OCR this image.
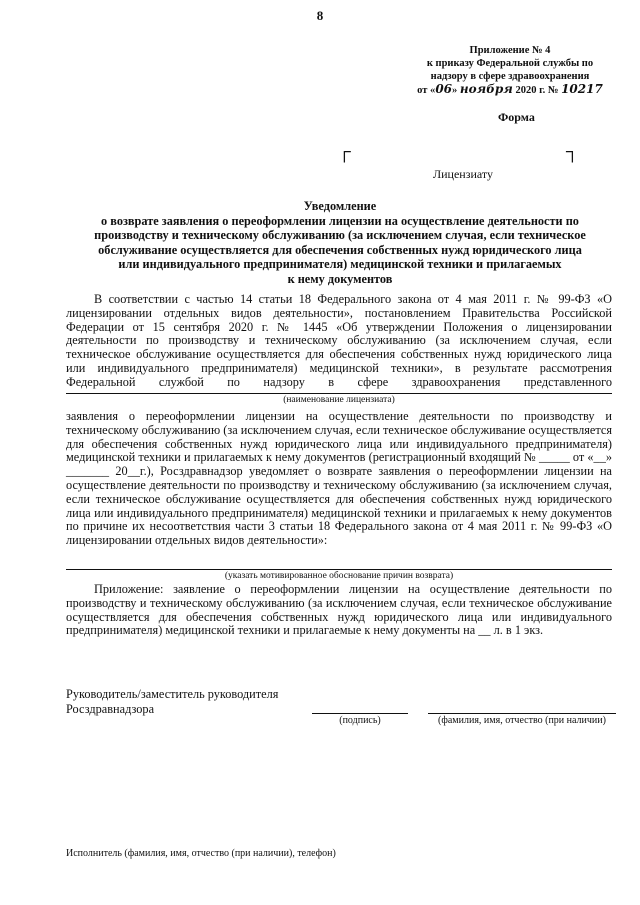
8
Приложение № 4
к приказу Федеральной службы по
надзору в сфере здравоохранения
от «06» ноября 2020 г. № 10217
Форма
┌	┐
Лицензиату
Уведомление
о возврате заявления о переоформлении лицензии на осуществление деятельности по
производству и техническому обслуживанию (за исключением случая, если техническое
обслуживание осуществляется для обеспечения собственных нужд юридического лица
или индивидуального предпринимателя) медицинской техники и прилагаемых
к нему документов

В соответствии с частью 14 статьи 18 Федерального закона от 4 мая 2011 г. № 99-ФЗ «О лицензировании отдельных видов деятельности», постановлением Правительства Российской Федерации от 15 сентября 2020 г. № 1445 «Об утверждении Положения о лицензировании деятельности по производству и техническому обслуживанию (за исключением случая, если техническое обслуживание осуществляется для обеспечения собственных нужд юридического лица или индивидуального предпринимателя) медицинской техники», в результате рассмотрения Федеральной службой по надзору в сфере здравоохранения представленного

(наименование лицензиата)

заявления о переоформлении лицензии на осуществление деятельности по производству и техническому обслуживанию (за исключением случая, если техническое обслуживание осуществляется для обеспечения собственных нужд юридического лица или индивидуального предпринимателя) медицинской техники и прилагаемых к нему документов (регистрационный входящий № _____ от «__» _______ 20__г.), Росздравнадзор уведомляет о возврате заявления о переоформлении лицензии на осуществление деятельности по производству и техническому обслуживанию (за исключением случая, если техническое обслуживание осуществляется для обеспечения собственных нужд юридического лица или индивидуального предпринимателя) медицинской техники и прилагаемых к нему документов по причине их несоответствия части 3 статьи 18 Федерального закона от 4 мая 2011 г. № 99-ФЗ «О лицензировании отдельных видов деятельности»:

(указать мотивированное обоснование причин возврата)

Приложение: заявление о переоформлении лицензии на осуществление деятельности по производству и техническому обслуживанию (за исключением случая, если техническое обслуживание осуществляется для обеспечения собственных нужд юридического лица или индивидуального предпринимателя) медицинской техники и прилагаемые к нему документы на __ л. в 1 экз.

Руководитель/заместитель руководителя
Росздравнадзора
(подпись)	(фамилия, имя, отчество (при наличии)
Исполнитель (фамилия, имя, отчество (при наличии), телефон)
